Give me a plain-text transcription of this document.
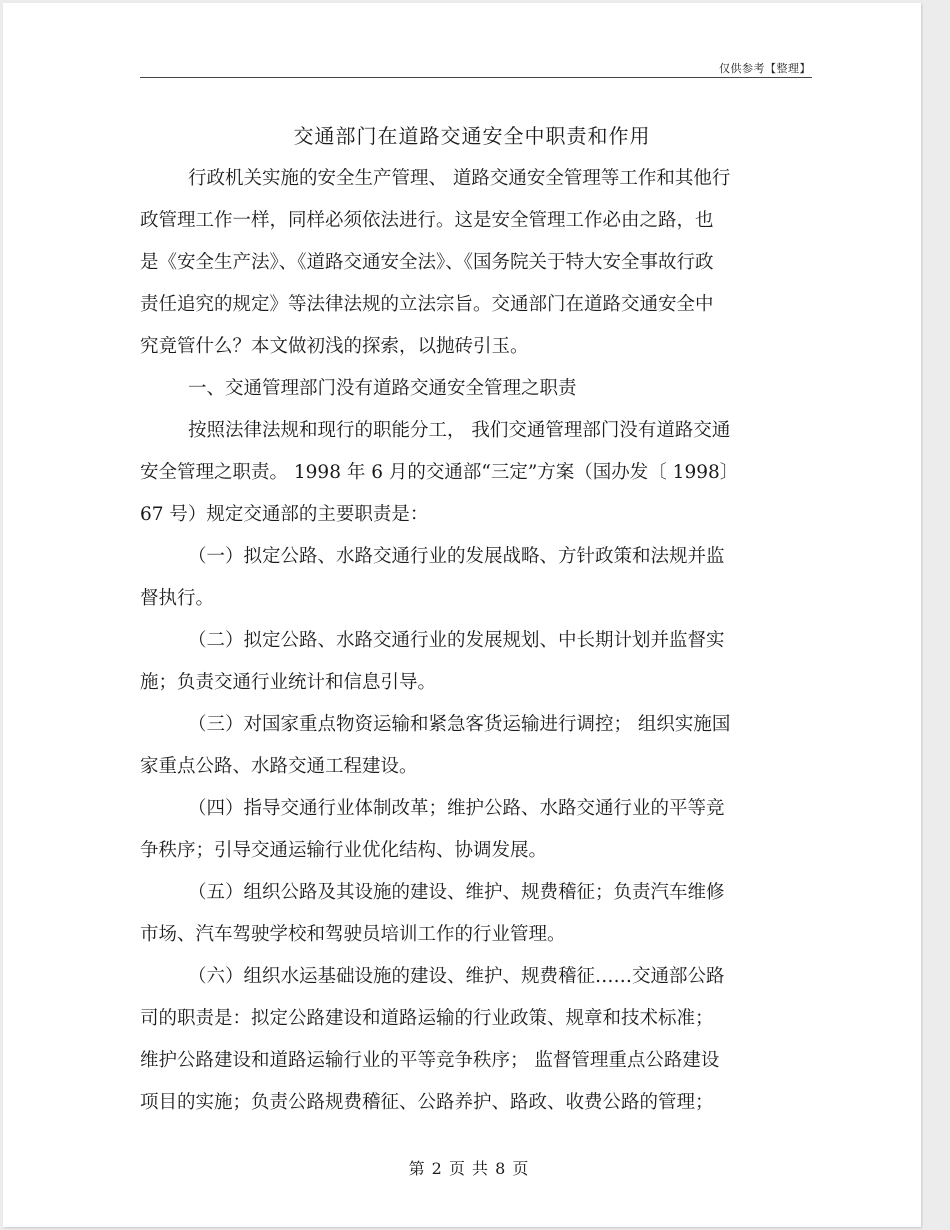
仅供参考【整理】
交通部门在道路交通安全中职责和作用

行政机关实施的安全生产管理、 道路交通安全管理等工作和其他行
政管理工作一样，同样必须依法进行。这是安全管理工作必由之路，也
是《安全生产法》、《道路交通安全法》、《国务院关于特大安全事故行政
责任追究的规定》等法律法规的立法宗旨。交通部门在道路交通安全中
究竟管什么？本文做初浅的探索，以抛砖引玉。

一、交通管理部门没有道路交通安全管理之职责

按照法律法规和现行的职能分工， 我们交通管理部门没有道路交通
安全管理之职责。 1998 年 6 月的交通部“三定”方案（国办发〔 1998〕
67 号）规定交通部的主要职责是：

（一）拟定公路、水路交通行业的发展战略、方针政策和法规并监
督执行。

（二）拟定公路、水路交通行业的发展规划、中长期计划并监督实
施；负责交通行业统计和信息引导。

（三）对国家重点物资运输和紧急客货运输进行调控； 组织实施国
家重点公路、水路交通工程建设。

（四）指导交通行业体制改革；维护公路、水路交通行业的平等竞
争秩序；引导交通运输行业优化结构、协调发展。

（五）组织公路及其设施的建设、维护、规费稽征；负责汽车维修
市场、汽车驾驶学校和驾驶员培训工作的行业管理。

（六）组织水运基础设施的建设、维护、规费稽征……交通部公路
司的职责是：拟定公路建设和道路运输的行业政策、规章和技术标准；
维护公路建设和道路运输行业的平等竞争秩序； 监督管理重点公路建设
项目的实施；负责公路规费稽征、公路养护、路政、收费公路的管理；

第 2 页 共 8 页
